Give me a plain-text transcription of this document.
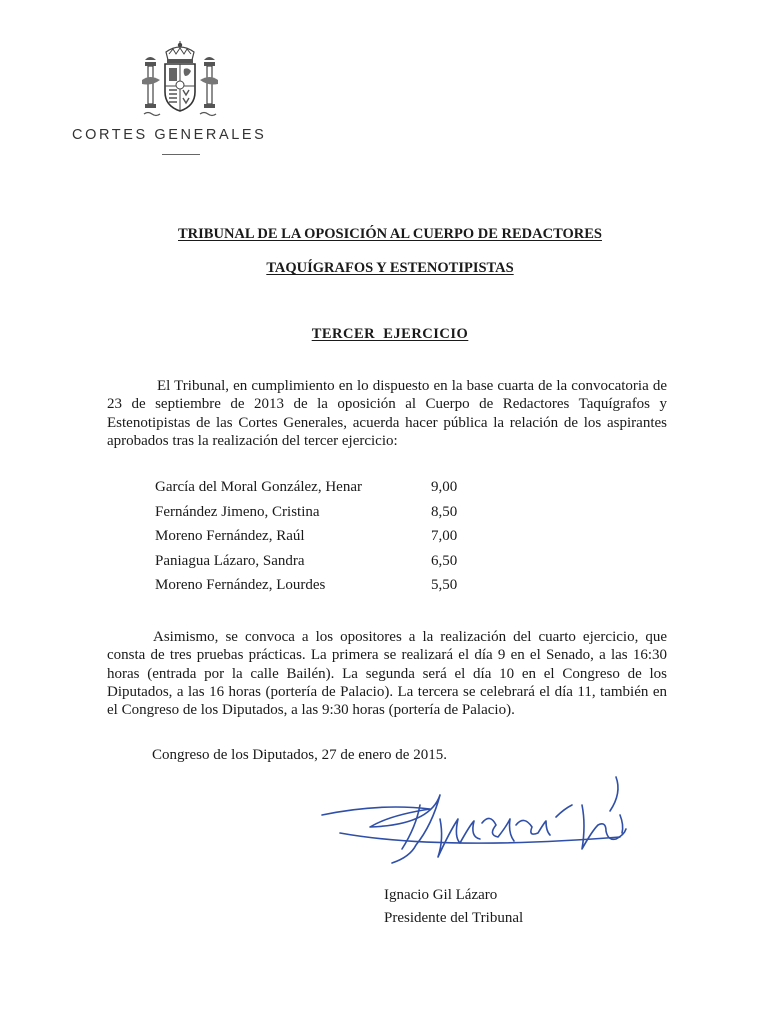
CORTES GENERALES
TRIBUNAL DE LA OPOSICIÓN AL CUERPO DE REDACTORES
TAQUÍGRAFOS Y ESTENOTIPISTAS
TERCER EJERCICIO
El Tribunal, en cumplimiento en lo dispuesto en la base cuarta de la convocatoria de 23 de septiembre de 2013 de la oposición al Cuerpo de Redactores Taquígrafos y Estenotipistas de las Cortes Generales, acuerda hacer pública la relación de los aspirantes aprobados tras la realización del tercer ejercicio:
García del Moral González, Henar	9,00
Fernández Jimeno, Cristina	8,50
Moreno Fernández, Raúl	7,00
Paniagua Lázaro, Sandra	6,50
Moreno Fernández, Lourdes	5,50
Asimismo, se convoca a los opositores a la realización del cuarto ejercicio, que consta de tres pruebas prácticas. La primera se realizará el día 9 en el Senado, a las 16:30 horas (entrada por la calle Bailén). La segunda será el día 10 en el Congreso de los Diputados, a las 16 horas (portería de Palacio). La tercera se celebrará el día 11, también en el Congreso de los Diputados, a las 9:30 horas (portería de Palacio).
Congreso de los Diputados, 27 de enero de 2015.
Ignacio Gil Lázaro
Presidente del Tribunal
